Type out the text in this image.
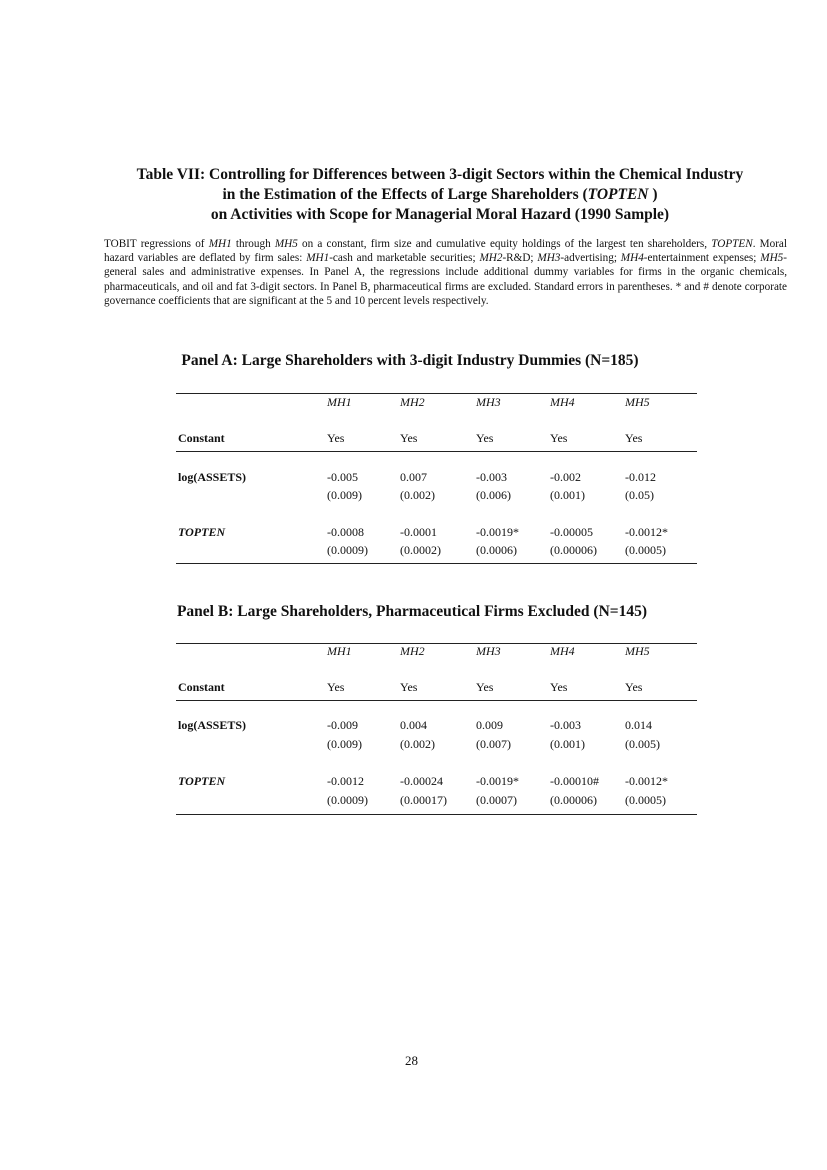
Table VII: Controlling for Differences between 3-digit Sectors within the Chemical Industry
in the Estimation of the Effects of Large Shareholders (TOPTEN )
on Activities with Scope for Managerial Moral Hazard (1990 Sample)

TOBIT regressions of MH1 through MH5 on a constant, firm size and cumulative equity holdings of the largest ten shareholders, TOPTEN. Moral hazard variables are deflated by firm sales: MH1-cash and marketable securities; MH2-R&D; MH3-advertising; MH4-entertainment expenses; MH5-general sales and administrative expenses. In Panel A, the regressions include additional dummy variables for firms in the organic chemicals, pharmaceuticals, and oil and fat 3-digit sectors. In Panel B, pharmaceutical firms are excluded. Standard errors in parentheses. * and # denote corporate governance coefficients that are significant at the 5 and 10 percent levels respectively.

Panel A: Large Shareholders with 3-digit Industry Dummies (N=185)
MH1	MH2	MH3	MH4	MH5
Constant	Yes	Yes	Yes	Yes	Yes
log(ASSETS)	-0.005	0.007	-0.003	-0.002	-0.012
(0.009)	(0.002)	(0.006)	(0.001)	(0.05)
TOPTEN	-0.0008	-0.0001	-0.0019*	-0.00005	-0.0012*
(0.0009)	(0.0002)	(0.0006)	(0.00006) (0.0005)
Panel B: Large Shareholders, Pharmaceutical Firms Excluded (N=145)
MH1	MH2	MH3	MH4	MH5
Constant	Yes	Yes	Yes	Yes	Yes
log(ASSETS)	-0.009	0.004	0.009	-0.003	0.014
(0.009)	(0.002)	(0.007)	(0.001)	(0.005)
TOPTEN	-0.0012	-0.00024	-0.0019*	-0.00010# -0.0012*
(0.0009)	(0.00017) (0.0007)	(0.00006) (0.0005)
28
